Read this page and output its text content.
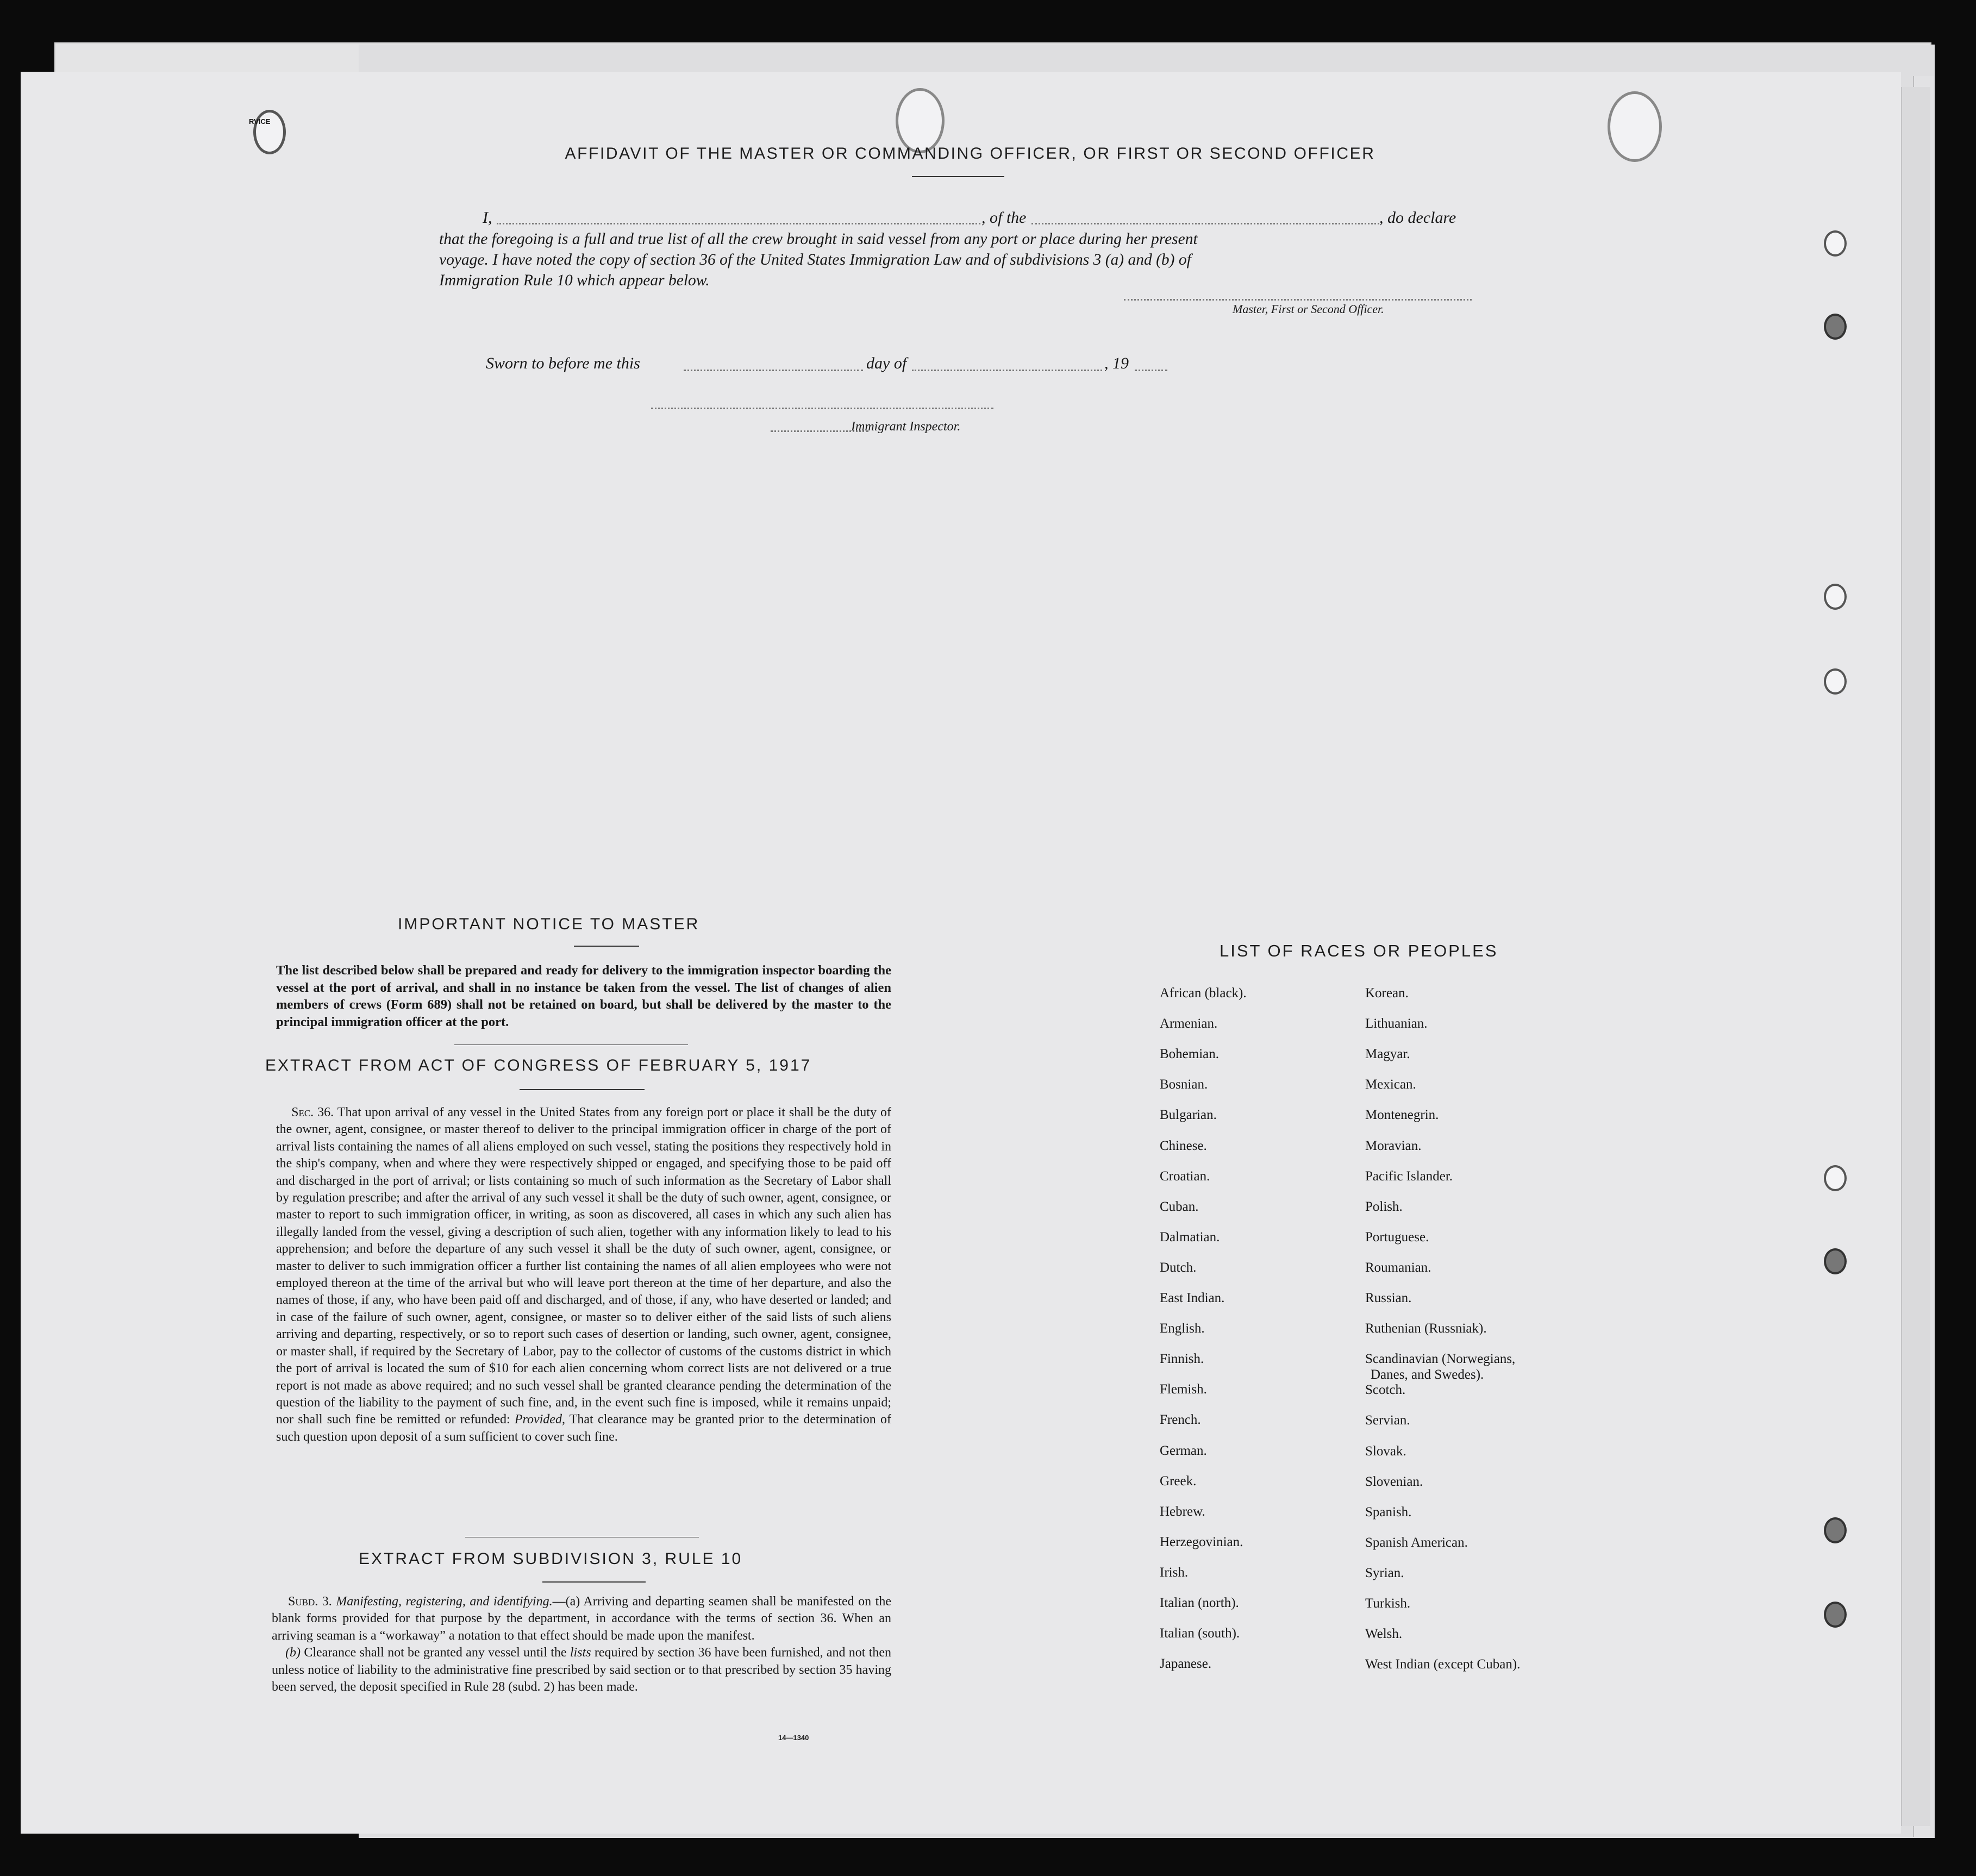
RVICE
AFFIDAVIT OF THE MASTER OR COMMANDING OFFICER, OR FIRST OR SECOND OFFICER
I,	, of the	, do declare
that the foregoing is a full and true list of all the crew brought in said vessel from any port or place during her present
voyage. I have noted the copy of section 36 of the United States Immigration Law and of subdivisions 3 (a) and (b) of
Immigration Rule 10 which appear below.
Master, First or Second Officer.
Sworn to before me this	day of	, 19
Immigrant Inspector.
IMPORTANT NOTICE TO MASTER
The list described below shall be prepared and ready for delivery to the immigration inspector boarding the vessel at the port of arrival, and shall in no instance be taken from the vessel. The list of changes of alien members of crews (Form 689) shall not be retained on board, but shall be delivered by the master to the principal immigration officer at the port.
EXTRACT FROM ACT OF CONGRESS OF FEBRUARY 5, 1917

Sec. 36. That upon arrival of any vessel in the United States from any foreign port or place it shall be the duty of the owner, agent, consignee, or master thereof to deliver to the principal immigration officer in charge of the port of arrival lists containing the names of all aliens employed on such vessel, stating the positions they respectively hold in the ship's company, when and where they were respectively shipped or engaged, and specifying those to be paid off and discharged in the port of arrival; or lists containing so much of such information as the Secretary of Labor shall by regulation prescribe; and after the arrival of any such vessel it shall be the duty of such owner, agent, consignee, or master to report to such immigration officer, in writing, as soon as discovered, all cases in which any such alien has illegally landed from the vessel, giving a description of such alien, together with any information likely to lead to his apprehension; and before the departure of any such vessel it shall be the duty of such owner, agent, consignee, or master to deliver to such immigration officer a further list containing the names of all alien employees who were not employed thereon at the time of the arrival but who will leave port thereon at the time of her departure, and also the names of those, if any, who have been paid off and discharged, and of those, if any, who have deserted or landed; and in case of the failure of such owner, agent, consignee, or master so to deliver either of the said lists of such aliens arriving and departing, respectively, or so to report such cases of desertion or landing, such owner, agent, consignee, or master shall, if required by the Secretary of Labor, pay to the collector of customs of the customs district in which the port of arrival is located the sum of $10 for each alien concerning whom correct lists are not delivered or a true report is not made as above required; and no such vessel shall be granted clearance pending the determination of the question of the liability to the payment of such fine, and, in the event such fine is imposed, while it remains unpaid; nor shall such fine be remitted or refunded: Provided, That clearance may be granted prior to the determination of such question upon deposit of a sum sufficient to cover such fine.

EXTRACT FROM SUBDIVISION 3, RULE 10

Subd. 3. Manifesting, registering, and identifying.—(a) Arriving and departing seamen shall be manifested on the blank forms provided for that purpose by the department, in accordance with the terms of section 36. When an arriving seaman is a “workaway” a notation to that effect should be made upon the manifest.

(b) Clearance shall not be granted any vessel until the lists required by section 36 have been furnished, and not then unless notice of liability to the administrative fine prescribed by said section or to that prescribed by section 35 having been served, the deposit specified in Rule 28 (subd. 2) has been made.

14—1340
LIST OF RACES OR PEOPLES
African (black).
Armenian.
Bohemian.
Bosnian.
Bulgarian.
Chinese.
Croatian.
Cuban.
Dalmatian.
Dutch.
East Indian.
English.
Finnish.
Flemish.
French.
German.
Greek.
Hebrew.
Herzegovinian.
Irish.
Italian (north).
Italian (south).
Japanese.
Korean.
Lithuanian.
Magyar.
Mexican.
Montenegrin.
Moravian.
Pacific Islander.
Polish.
Portuguese.
Roumanian.
Russian.
Ruthenian (Russniak).
Scandinavian (Norwegians,
Scotch.
Servian.
Slovak.
Slovenian.
Spanish.
Spanish American.
Syrian.
Turkish.
Welsh.
West Indian (except Cuban).
Danes, and Swedes).
